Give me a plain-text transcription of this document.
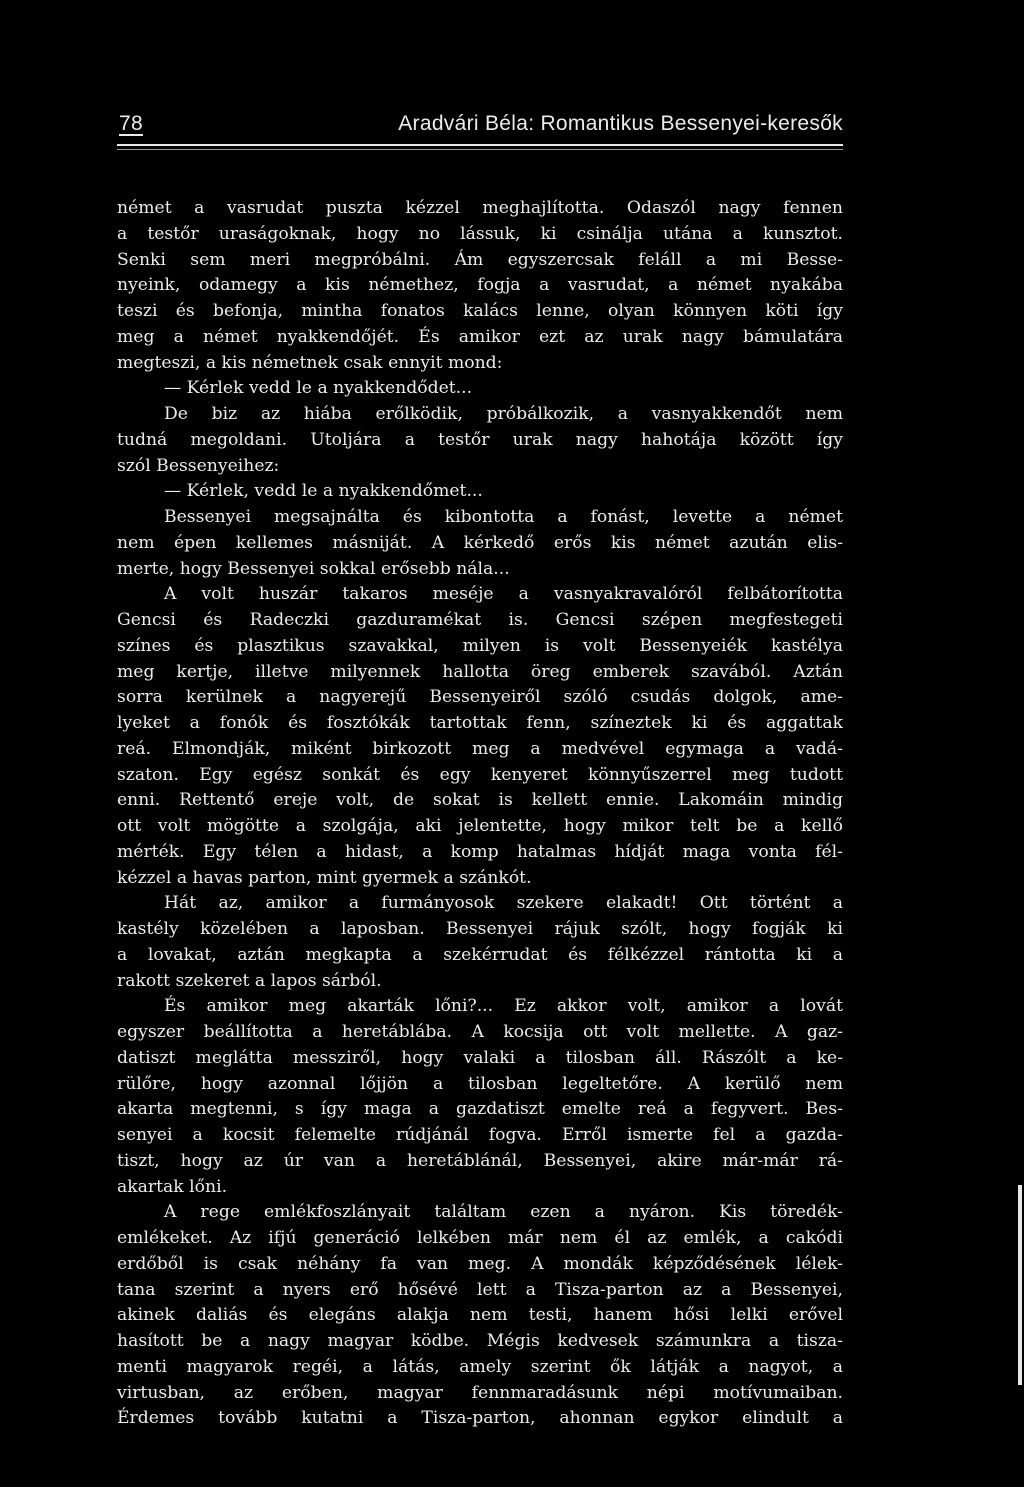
78	Aradvári Béla: Romantikus Bessenyei-keresők
német a vasrudat puszta kézzel meghajlította. Odaszól nagy fennen
a testőr uraságoknak, hogy no lássuk, ki csinálja utána a kunsztot.
Senki sem meri megpróbálni. Ám egyszercsak feláll a mi Besse-
nyeink, odamegy a kis némethez, fogja a vasrudat, a német nyakába
teszi és befonja, mintha fonatos kalács lenne, olyan könnyen köti így
meg a német nyakkendőjét. És amikor ezt az urak nagy bámulatára
megteszi, a kis németnek csak ennyit mond:
— Kérlek vedd le a nyakkendődet...
De biz az hiába erőlködik, próbálkozik, a vasnyakkendőt nem
tudná megoldani. Utoljára a testőr urak nagy hahotája között így
szól Bessenyeihez:
— Kérlek, vedd le a nyakkendőmet...
Bessenyei megsajnálta és kibontotta a fonást, levette a német
nem épen kellemes másniját. A kérkedő erős kis német azután elis-
merte, hogy Bessenyei sokkal erősebb nála...
A volt huszár takaros meséje a vasnyakravalóról felbátorította
Gencsi és Radeczki gazduramékat is. Gencsi szépen megfestegeti
színes és plasztikus szavakkal, milyen is volt Bessenyeiék kastélya
meg kertje, illetve milyennek hallotta öreg emberek szavából. Aztán
sorra kerülnek a nagyerejű Bessenyeiről szóló csudás dolgok, ame-
lyeket a fonók és fosztókák tartottak fenn, színeztek ki és aggattak
reá. Elmondják, miként birkozott meg a medvével egymaga a vadá-
szaton. Egy egész sonkát és egy kenyeret könnyűszerrel meg tudott
enni. Rettentő ereje volt, de sokat is kellett ennie. Lakomáin mindig
ott volt mögötte a szolgája, aki jelentette, hogy mikor telt be a kellő
mérték. Egy télen a hidast, a komp hatalmas hídját maga vonta fél-
kézzel a havas parton, mint gyermek a szánkót.
Hát az, amikor a furmányosok szekere elakadt! Ott történt a
kastély közelében a laposban. Bessenyei rájuk szólt, hogy fogják ki
a lovakat, aztán megkapta a szekérrudat és félkézzel rántotta ki a
rakott szekeret a lapos sárból.
És amikor meg akarták lőni?... Ez akkor volt, amikor a lovát
egyszer beállította a heretáblába. A kocsija ott volt mellette. A gaz-
datiszt meglátta messziről, hogy valaki a tilosban áll. Rászólt a ke-
rülőre, hogy azonnal lőjjön a tilosban legeltetőre. A kerülő nem
akarta megtenni, s így maga a gazdatiszt emelte reá a fegyvert. Bes-
senyei a kocsit felemelte rúdjánál fogva. Erről ismerte fel a gazda-
tiszt, hogy az úr van a heretáblánál, Bessenyei, akire már-már rá-
akartak lőni.
A rege emlékfoszlányait találtam ezen a nyáron. Kis töredék-
emlékeket. Az ifjú generáció lelkében már nem él az emlék, a cakódi
erdőből is csak néhány fa van meg. A mondák képződésének lélek-
tana szerint a nyers erő hősévé lett a Tisza-parton az a Bessenyei,
akinek daliás és elegáns alakja nem testi, hanem hősi lelki erővel
hasított be a nagy magyar ködbe. Mégis kedvesek számunkra a tisza-
menti magyarok regéi, a látás, amely szerint ők látják a nagyot, a
virtusban, az erőben, magyar fennmaradásunk népi motívumaiban.
Érdemes tovább kutatni a Tisza-parton, ahonnan egykor elindult a
